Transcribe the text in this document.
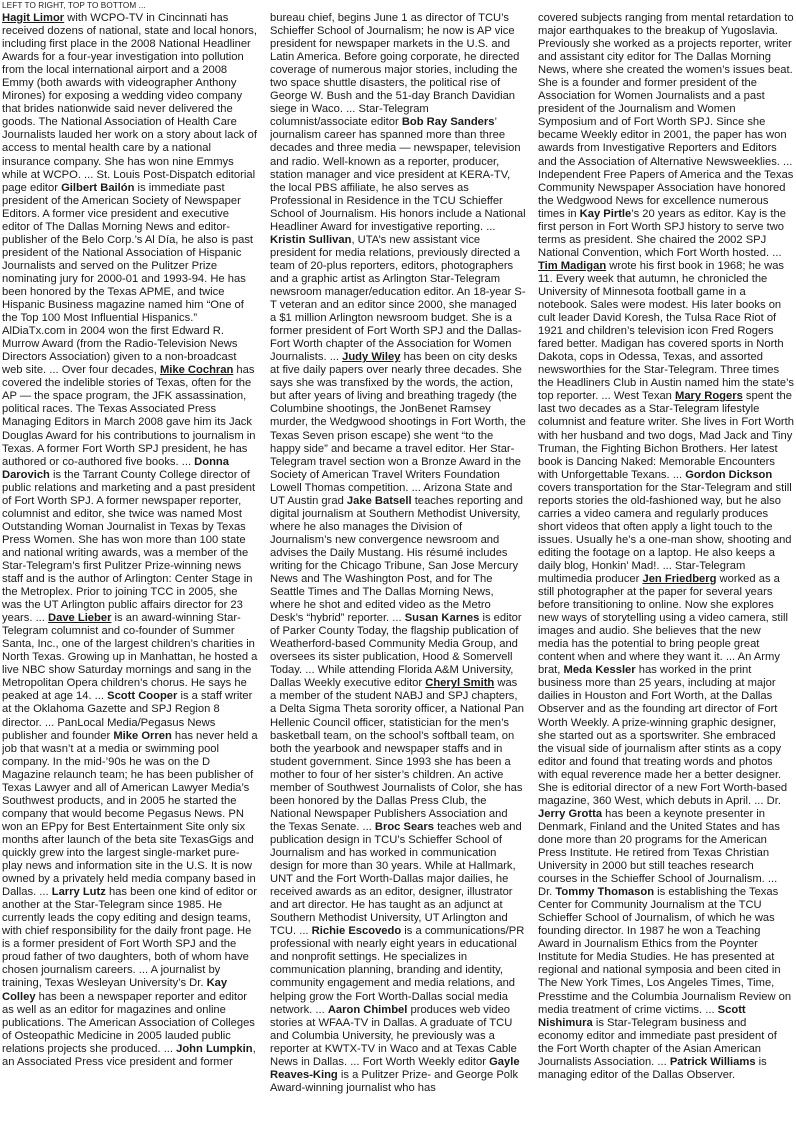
LEFT TO RIGHT, TOP TO BOTTOM ...

Hagit Limor with WCPO-TV in Cincinnati has received dozens of national, state and local honors, including first place in the 2008 National Headliner Awards for a four-year investigation into pollution from the local international airport and a 2008 Emmy (both awards with videographer Anthony Mirones) for exposing a wedding video company that brides nationwide said never delivered the goods. The National Association of Health Care Journalists lauded her work on a story about lack of access to mental health care by a national insurance company. She has won nine Emmys while at WCPO. ... St. Louis Post-Dispatch editorial page editor Gilbert Bailón is immediate past president of the American Society of Newspaper Editors. A former vice president and executive editor of The Dallas Morning News and editor-publisher of the Belo Corp.’s Al Día, he also is past president of the National Association of Hispanic Journalists and served on the Pulitzer Prize nominating jury for 2000-01 and 1993-94. He has been honored by the Texas APME, and twice Hispanic Business magazine named him “One of the Top 100 Most Influential Hispanics.” AlDiaTx.com in 2004 won the first Edward R. Murrow Award (from the Radio-Television News Directors Association) given to a non-broadcast web site. ... Over four decades, Mike Cochran has covered the indelible stories of Texas, often for the AP — the space program, the JFK assassination, political races. The Texas Associated Press Managing Editors in March 2008 gave him its Jack Douglas Award for his contributions to journalism in Texas. A former Fort Worth SPJ president, he has authored or co-authored five books. ... Donna Darovich is the Tarrant County College director of public relations and marketing and a past president of Fort Worth SPJ. A former newspaper reporter, columnist and editor, she twice was named Most Outstanding Woman Journalist in Texas by Texas Press Women. She has won more than 100 state and national writing awards, was a member of the Star-Telegram’s first Pulitzer Prize-winning news staff and is the author of Arlington: Center Stage in the Metroplex. Prior to joining TCC in 2005, she was the UT Arlington public affairs director for 23 years. ... Dave Lieber is an award-winning Star-Telegram columnist and co-founder of Summer Santa, Inc., one of the largest children’s charities in North Texas. Growing up in Manhattan, he hosted a live NBC show Saturday mornings and sang in the Metropolitan Opera children’s chorus. He says he peaked at age 14. ... Scott Cooper is a staff writer at the Oklahoma Gazette and SPJ Region 8 director. ... PanLocal Media/Pegasus News publisher and founder Mike Orren has never held a job that wasn’t at a media or swimming pool company. In the mid-’90s he was on the D Magazine relaunch team; he has been publisher of Texas Lawyer and all of American Lawyer Media’s Southwest products, and in 2005 he started the company that would become Pegasus News. PN won an EPpy for Best Entertainment Site only six months after launch of the beta site TexasGigs and quickly grew into the largest single-market pure-play news and information site in the U.S. It is now owned by a privately held media company based in Dallas. ... Larry Lutz has been one kind of editor or another at the Star-Telegram since 1985. He currently leads the copy editing and design teams, with chief responsibility for the daily front page. He is a former president of Fort Worth SPJ and the proud father of two daughters, both of whom have chosen journalism careers. ... A journalist by training, Texas Wesleyan University’s Dr. Kay Colley has been a newspaper reporter and editor as well as an editor for magazines and online publications. The American Association of Colleges of Osteopathic Medicine in 2005 lauded public relations projects she produced. ... John Lumpkin, an Associated Press vice president and former

bureau chief, begins June 1 as director of TCU’s Schieffer School of Journalism; he now is AP vice president for newspaper markets in the U.S. and Latin America. Before going corporate, he directed coverage of numerous major stories, including the two space shuttle disasters, the political rise of George W. Bush and the 51-day Branch Davidian siege in Waco. ... Star-Telegram columnist/associate editor Bob Ray Sanders’ journalism career has spanned more than three decades and three media — newspaper, television and radio. Well-known as a reporter, producer, station manager and vice president at KERA-TV, the local PBS affiliate, he also serves as Professional in Residence in the TCU Schieffer School of Journalism. His honors include a National Headliner Award for investigative reporting. ... Kristin Sullivan, UTA’s new assistant vice president for media relations, previously directed a team of 20-plus reporters, editors, photographers and a graphic artist as Arlington Star-Telegram newsroom manager/education editor. An 18-year S-T veteran and an editor since 2000, she managed a $1 million Arlington newsroom budget. She is a former president of Fort Worth SPJ and the Dallas-Fort Worth chapter of the Association for Women Journalists. ... Judy Wiley has been on city desks at five daily papers over nearly three decades. She says she was transfixed by the words, the action, but after years of living and breathing tragedy (the Columbine shootings, the JonBenet Ramsey murder, the Wedgwood shootings in Fort Worth, the Texas Seven prison escape) she went “to the happy side” and became a travel editor. Her Star-Telegram travel section won a Bronze Award in the Society of American Travel Writers Foundation Lowell Thomas competition. ... Arizona State and UT Austin grad Jake Batsell teaches reporting and digital journalism at Southern Methodist University, where he also manages the Division of Journalism’s new convergence newsroom and advises the Daily Mustang. His résumé includes writing for the Chicago Tribune, San Jose Mercury News and The Washington Post, and for The Seattle Times and The Dallas Morning News, where he shot and edited video as the Metro Desk’s “hybrid” reporter. ... Susan Karnes is editor of Parker County Today, the flagship publication of Weatherford-based Community Media Group, and oversees its sister publication, Hood & Somervell Today. ... While attending Florida A&M University, Dallas Weekly executive editor Cheryl Smith was a member of the student NABJ and SPJ chapters, a Delta Sigma Theta sorority officer, a National Pan Hellenic Council officer, statistician for the men’s basketball team, on the school’s softball team, on both the yearbook and newspaper staffs and in student government. Since 1993 she has been a mother to four of her sister’s children. An active member of Southwest Journalists of Color, she has been honored by the Dallas Press Club, the National Newspaper Publishers Association and the Texas Senate. ... Broc Sears teaches web and publication design in TCU’s Schieffer School of Journalism and has worked in communication design for more than 30 years. While at Hallmark, UNT and the Fort Worth-Dallas major dailies, he received awards as an editor, designer, illustrator and art director. He has taught as an adjunct at Southern Methodist University, UT Arlington and TCU. ... Richie Escovedo is a communications/PR professional with nearly eight years in educational and nonprofit settings. He specializes in communication planning, branding and identity, community engagement and media relations, and helping grow the Fort Worth-Dallas social media network. ... Aaron Chimbel produces web video stories at WFAA-TV in Dallas. A graduate of TCU and Columbia University, he previously was a reporter at KWTX-TV in Waco and at Texas Cable News in Dallas. ... Fort Worth Weekly editor Gayle Reaves-King is a Pulitzer Prize- and George Polk Award-winning journalist who has

covered subjects ranging from mental retardation to major earthquakes to the breakup of Yugoslavia. Previously she worked as a projects reporter, writer and assistant city editor for The Dallas Morning News, where she created the women’s issues beat. She is a founder and former president of the Association for Women Journalists and a past president of the Journalism and Women Symposium and of Fort Worth SPJ. Since she became Weekly editor in 2001, the paper has won awards from Investigative Reporters and Editors and the Association of Alternative Newsweeklies. ... Independent Free Papers of America and the Texas Community Newspaper Association have honored the Wedgwood News for excellence numerous times in Kay Pirtle’s 20 years as editor. Kay is the first person in Fort Worth SPJ history to serve two terms as president. She chaired the 2002 SPJ National Convention, which Fort Worth hosted. ... Tim Madigan wrote his first book in 1968; he was 11. Every week that autumn, he chronicled the University of Minnesota football game in a notebook. Sales were modest. His later books on cult leader David Koresh, the Tulsa Race Riot of 1921 and children’s television icon Fred Rogers fared better. Madigan has covered sports in North Dakota, cops in Odessa, Texas, and assorted newsworthies for the Star-Telegram. Three times the Headliners Club in Austin named him the state’s top reporter. ... West Texan Mary Rogers spent the last two decades as a Star-Telegram lifestyle columnist and feature writer. She lives in Fort Worth with her husband and two dogs, Mad Jack and Tiny Truman, the Fighting Bichon Brothers. Her latest book is Dancing Naked: Memorable Encounters with Unforgettable Texans. ... Gordon Dickson covers transportation for the Star-Telegram and still reports stories the old-fashioned way, but he also carries a video camera and regularly produces short videos that often apply a light touch to the issues. Usually he’s a one-man show, shooting and editing the footage on a laptop. He also keeps a daily blog, Honkin’ Mad!. ... Star-Telegram multimedia producer Jen Friedberg worked as a still photographer at the paper for several years before transitioning to online. Now she explores new ways of storytelling using a video camera, still images and audio. She believes that the new media has the potential to bring people great content when and where they want it. ... An Army brat, Meda Kessler has worked in the print business more than 25 years, including at major dailies in Houston and Fort Worth, at the Dallas Observer and as the founding art director of Fort Worth Weekly. A prize-winning graphic designer, she started out as a sportswriter. She embraced the visual side of journalism after stints as a copy editor and found that treating words and photos with equal reverence made her a better designer. She is editorial director of a new Fort Worth-based magazine, 360 West, which debuts in April. ... Dr. Jerry Grotta has been a keynote presenter in Denmark, Finland and the United States and has done more than 20 programs for the American Press Institute. He retired from Texas Christian University in 2000 but still teaches research courses in the Schieffer School of Journalism. ... Dr. Tommy Thomason is establishing the Texas Center for Community Journalism at the TCU Schieffer School of Journalism, of which he was founding director. In 1987 he won a Teaching Award in Journalism Ethics from the Poynter Institute for Media Studies. He has presented at regional and national symposia and been cited in The New York Times, Los Angeles Times, Time, Presstime and the Columbia Journalism Review on media treatment of crime victims. ... Scott Nishimura is Star-Telegram business and economy editor and immediate past president of the Fort Worth chapter of the Asian American Journalists Association. ... Patrick Williams is managing editor of the Dallas Observer.
